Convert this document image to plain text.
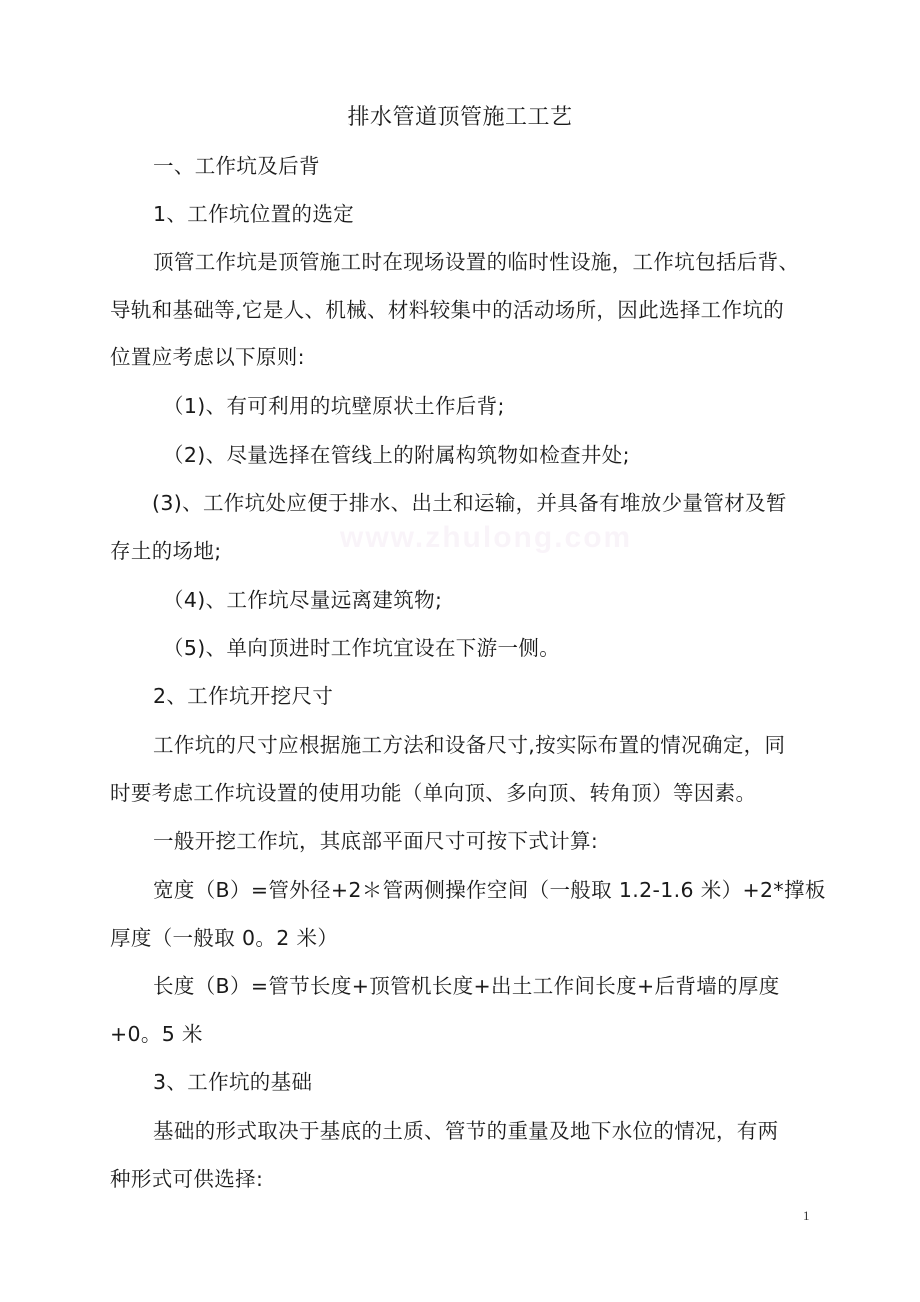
排水管道顶管施工工艺
一、工作坑及后背
1、工作坑位置的选定
顶管工作坑是顶管施工时在现场设置的临时性设施，工作坑包括后背、
导轨和基础等,它是人、机械、材料较集中的活动场所，因此选择工作坑的
位置应考虑以下原则:
（1)、有可利用的坑壁原状土作后背;
（2)、尽量选择在管线上的附属构筑物如检查井处;
(3)、工作坑处应便于排水、出土和运输，并具备有堆放少量管材及暂
存土的场地;	www.zhulong.com
（4)、工作坑尽量远离建筑物;
（5)、单向顶进时工作坑宜设在下游一侧。
2、工作坑开挖尺寸
工作坑的尺寸应根据施工方法和设备尺寸,按实际布置的情况确定，同
时要考虑工作坑设置的使用功能（单向顶、多向顶、转角顶）等因素。
一般开挖工作坑，其底部平面尺寸可按下式计算:
宽度（B）=管外径+2＊管两侧操作空间（一般取 1.2-1.6 米）+2*撑板
厚度（一般取 0。2 米）
长度（B）=管节长度+顶管机长度+出土工作间长度+后背墙的厚度
+0。5 米
3、工作坑的基础
基础的形式取决于基底的土质、管节的重量及地下水位的情况，有两
种形式可供选择:
1
